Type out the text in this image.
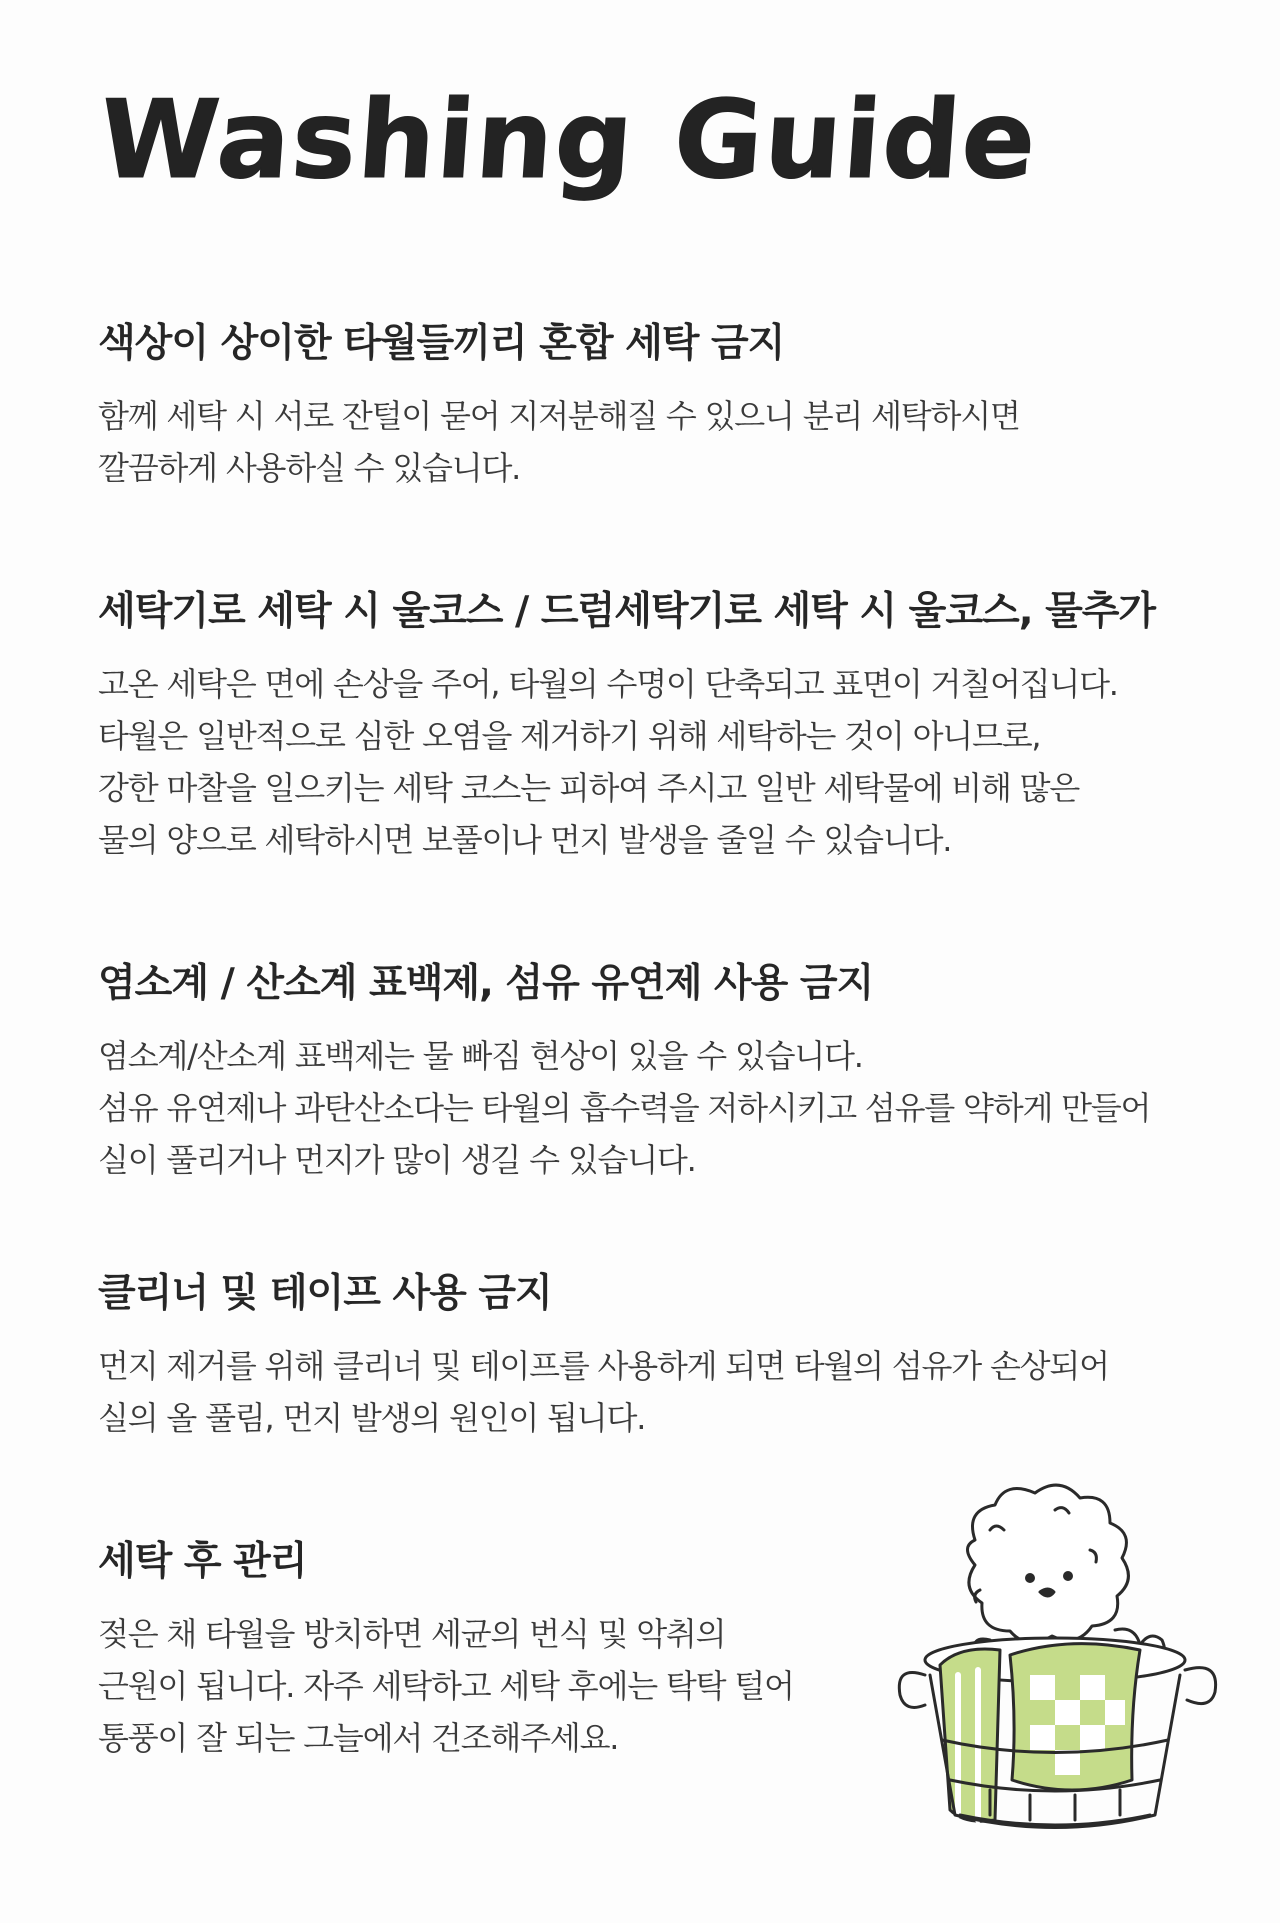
Washing Guide
색상이 상이한 타월들끼리 혼합 세탁 금지

함께 세탁 시 서로 잔털이 묻어 지저분해질 수 있으니 분리 세탁하시면

깔끔하게 사용하실 수 있습니다.

세탁기로 세탁 시 울코스 / 드럼세탁기로 세탁 시 울코스, 물추가

고온 세탁은 면에 손상을 주어, 타월의 수명이 단축되고 표면이 거칠어집니다.

타월은 일반적으로 심한 오염을 제거하기 위해 세탁하는 것이 아니므로,

강한 마찰을 일으키는 세탁 코스는 피하여 주시고 일반 세탁물에 비해 많은

물의 양으로 세탁하시면 보풀이나 먼지 발생을 줄일 수 있습니다.

염소계 / 산소계 표백제, 섬유 유연제 사용 금지

염소계/산소계 표백제는 물 빠짐 현상이 있을 수 있습니다.

섬유 유연제나 과탄산소다는 타월의 흡수력을 저하시키고 섬유를 약하게 만들어

실이 풀리거나 먼지가 많이 생길 수 있습니다.

클리너 및 테이프 사용 금지

먼지 제거를 위해 클리너 및 테이프를 사용하게 되면 타월의 섬유가 손상되어

실의 올 풀림, 먼지 발생의 원인이 됩니다.

세탁 후 관리

젖은 채 타월을 방치하면 세균의 번식 및 악취의

근원이 됩니다. 자주 세탁하고 세탁 후에는 탁탁 털어

통풍이 잘 되는 그늘에서 건조해주세요.
